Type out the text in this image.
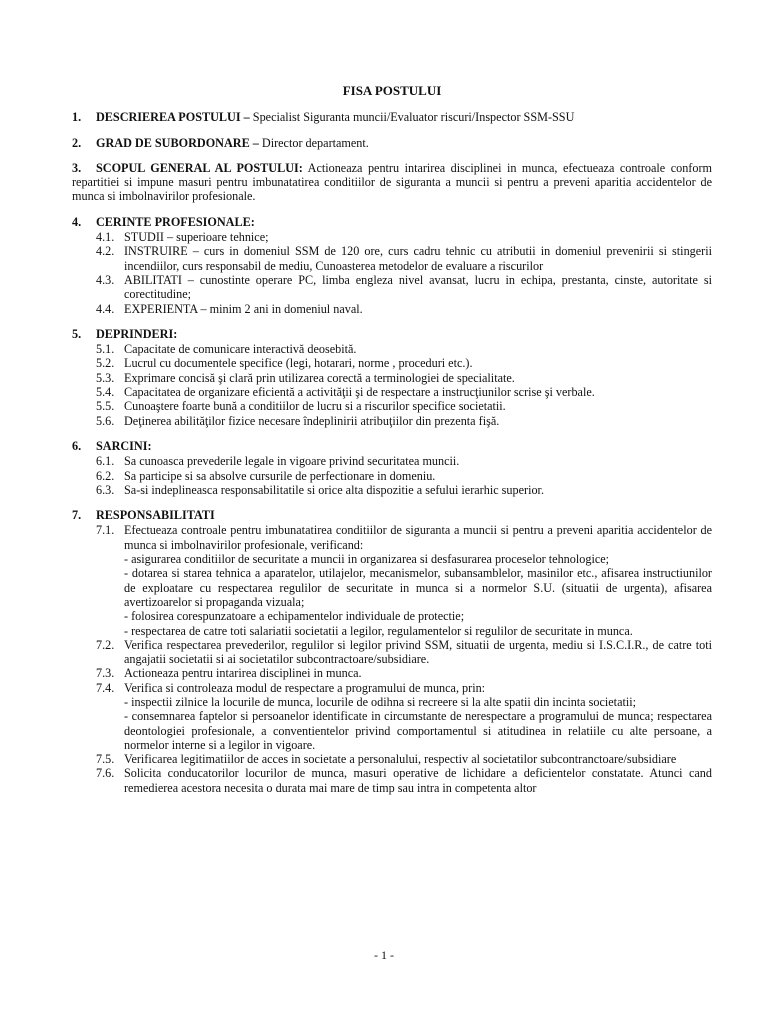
FISA POSTULUI
1.	DESCRIEREA POSTULUI – Specialist Siguranta muncii/Evaluator riscuri/Inspector SSM-SSU
2.	GRAD DE SUBORDONARE – Director departament.
3. SCOPUL GENERAL AL POSTULUI: Actioneaza pentru intarirea disciplinei in munca, efectueaza controale conform repartitiei si impune masuri pentru imbunatatirea conditiilor de siguranta a muncii si pentru a preveni aparitia accidentelor de munca si imbolnavirilor profesionale.
4.	CERINTE PROFESIONALE:
4.1. STUDII – superioare tehnice;
4.2. INSTRUIRE – curs in domeniul SSM de 120 ore, curs cadru tehnic cu atributii in domeniul prevenirii si stingerii incendiilor, curs responsabil de mediu, Cunoasterea metodelor de evaluare a riscurilor
4.3. ABILITATI – cunostinte operare PC, limba engleza nivel avansat, lucru in echipa, prestanta, cinste, autoritate si corectitudine;
4.4. EXPERIENTA – minim 2 ani in domeniul naval.
5.	DEPRINDERI:
5.1. Capacitate de comunicare interactivă deosebită.
5.2. Lucrul cu documentele specifice (legi, hotarari, norme , proceduri etc.).
5.3. Exprimare concisă şi clară prin utilizarea corectă a terminologiei de specialitate.
5.4. Capacitatea de organizare eficientă a activităţii şi de respectare a instrucţiunilor scrise şi verbale.
5.5. Cunoaştere foarte bună a conditiilor de lucru si a riscurilor specifice societatii.
5.6. Deţinerea abilităţilor fizice necesare îndeplinirii atribuţiilor din prezenta fişă.
6.	SARCINI:
6.1. Sa cunoasca prevederile legale in vigoare privind securitatea muncii.
6.2. Sa participe si sa absolve cursurile de perfectionare in domeniu.
6.3. Sa-si indeplineasca responsabilitatile si orice alta dispozitie a sefului ierarhic superior.
7.	RESPONSABILITATI
7.1. Efectueaza controale pentru imbunatatirea conditiilor de siguranta a muncii si pentru a preveni aparitia accidentelor de munca si imbolnavirilor profesionale, verificand:
- asigurarea conditiilor de securitate a muncii in organizarea si desfasurarea proceselor tehnologice;
- dotarea si starea tehnica a aparatelor, utilajelor, mecanismelor, subansamblelor, masinilor etc., afisarea instructiunilor de exploatare cu respectarea regulilor de securitate in munca si a normelor S.U. (situatii de urgenta), afisarea avertizoarelor si propaganda vizuala;
- folosirea corespunzatoare a echipamentelor individuale de protectie;
- respectarea de catre toti salariatii societatii a legilor, regulamentelor si regulilor de securitate in munca.
7.2. Verifica respectarea prevederilor, regulilor si legilor privind SSM, situatii de urgenta, mediu si I.S.C.I.R., de catre toti angajatii societatii si ai societatilor subcontractoare/subsidiare.
7.3. Actioneaza pentru intarirea disciplinei in munca.
7.4. Verifica si controleaza modul de respectare a programului de munca, prin:
- inspectii zilnice la locurile de munca, locurile de odihna si recreere si la alte spatii din incinta societatii;
- consemnarea faptelor si persoanelor identificate in circumstante de nerespectare a programului de munca; respectarea deontologiei profesionale, a conventientelor privind comportamentul si atitudinea in relatiile cu alte persoane, a normelor interne si a legilor in vigoare.
7.5. Verificarea legitimatiilor de acces in societate a personalului, respectiv al societatilor subcontranctoare/subsidiare
7.6. Solicita conducatorilor locurilor de munca, masuri operative de lichidare a deficientelor constatate. Atunci cand remedierea acestora necesita o durata mai mare de timp sau intra in competenta altor
- 1 -
